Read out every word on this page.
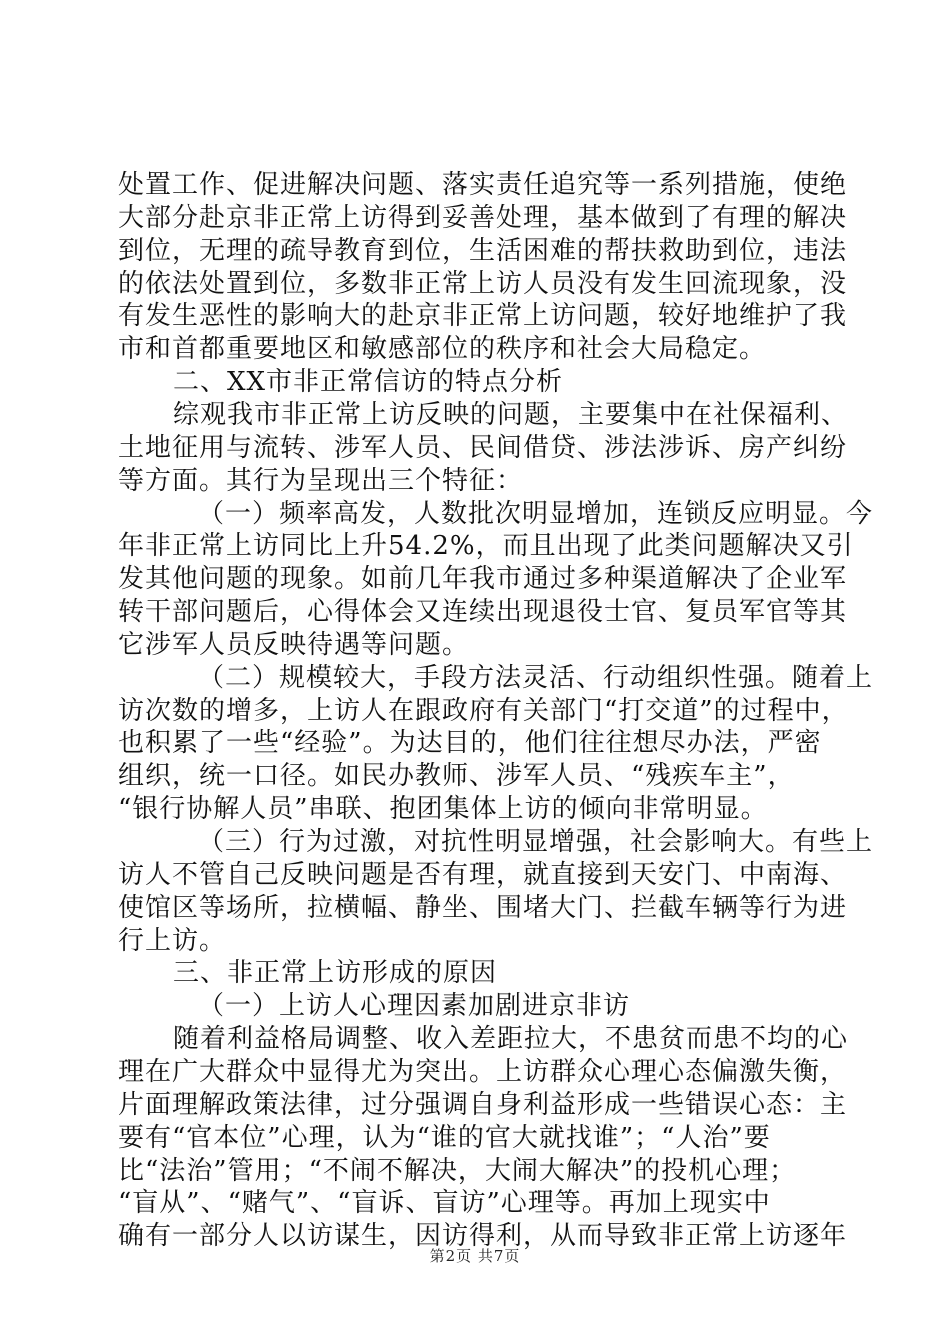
处置工作、促进解决问题、落实责任追究等一系列措施，使绝
大部分赴京非正常上访得到妥善处理，基本做到了有理的解决
到位，无理的疏导教育到位，生活困难的帮扶救助到位，违法
的依法处置到位，多数非正常上访人员没有发生回流现象，没
有发生恶性的影响大的赴京非正常上访问题，较好地维护了我
市和首都重要地区和敏感部位的秩序和社会大局稳定。
二、XX市非正常信访的特点分析
综观我市非正常上访反映的问题，主要集中在社保福利、
土地征用与流转、涉军人员、民间借贷、涉法涉诉、房产纠纷
等方面。其行为呈现出三个特征：
（一）频率高发，人数批次明显增加，连锁反应明显。今
年非正常上访同比上升54.2%，而且出现了此类问题解决又引
发其他问题的现象。如前几年我市通过多种渠道解决了企业军
转干部问题后，心得体会又连续出现退役士官、复员军官等其
它涉军人员反映待遇等问题。
（二）规模较大，手段方法灵活、行动组织性强。随着上
访次数的增多，上访人在跟政府有关部门“打交道”的过程中，
也积累了一些“经验”。为达目的，他们往往想尽办法，严密
组织，统一口径。如民办教师、涉军人员、“残疾车主”，
“银行协解人员”串联、抱团集体上访的倾向非常明显。
（三）行为过激，对抗性明显增强，社会影响大。有些上
访人不管自己反映问题是否有理，就直接到天安门、中南海、
使馆区等场所，拉横幅、静坐、围堵大门、拦截车辆等行为进
行上访。
三、非正常上访形成的原因
（一）上访人心理因素加剧进京非访
随着利益格局调整、收入差距拉大，不患贫而患不均的心
理在广大群众中显得尤为突出。上访群众心理心态偏激失衡，
片面理解政策法律，过分强调自身利益形成一些错误心态：主
要有“官本位”心理，认为“谁的官大就找谁”；“人治”要
比“法治”管用；“不闹不解决，大闹大解决”的投机心理；
“盲从”、“赌气”、“盲诉、盲访”心理等。再加上现实中
确有一部分人以访谋生，因访得利，从而导致非正常上访逐年
第2页 共7页
